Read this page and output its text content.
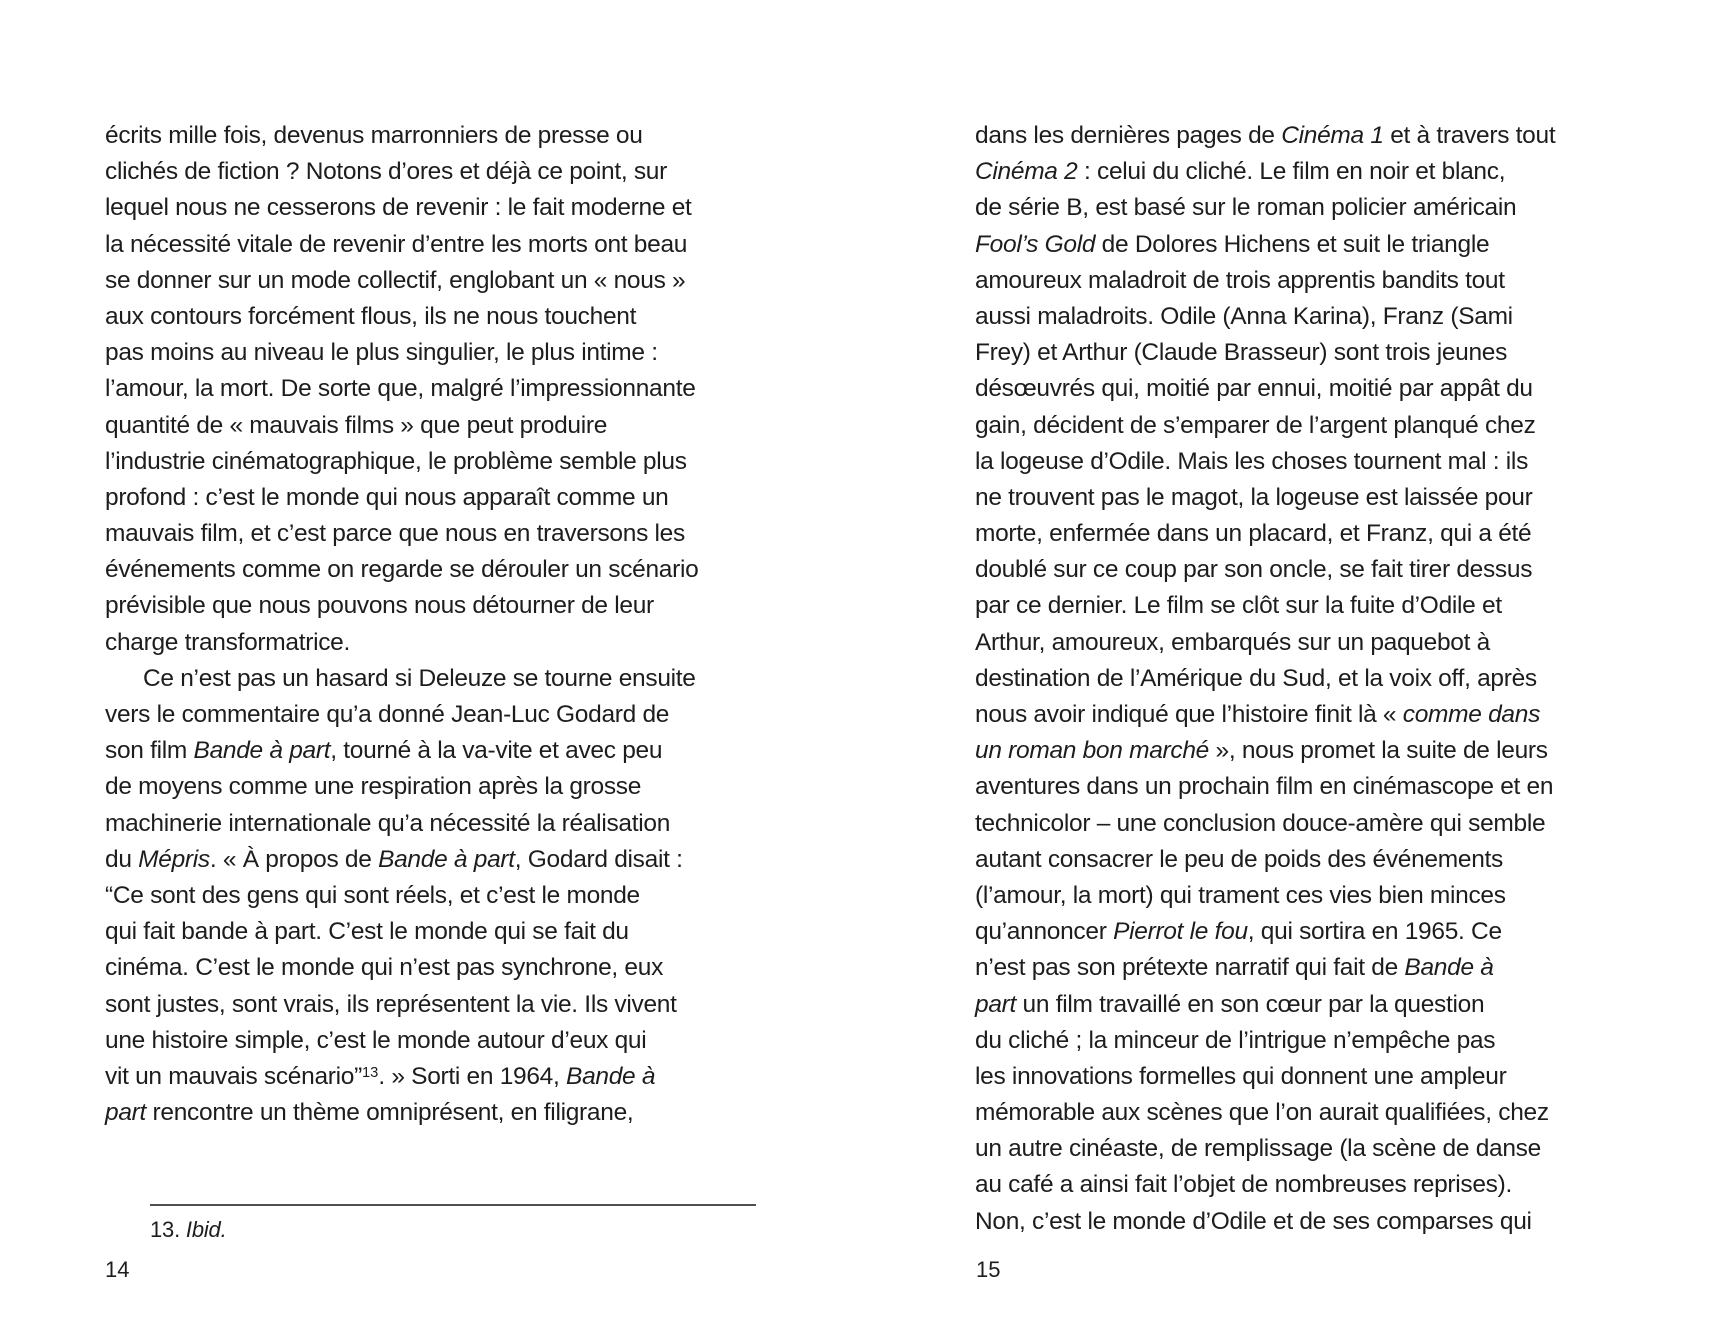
écrits mille fois, devenus marronniers de presse ou
clichés de fiction ? Notons d’ores et déjà ce point, sur
lequel nous ne cesserons de revenir : le fait moderne et
la nécessité vitale de revenir d’entre les morts ont beau
se donner sur un mode collectif, englobant un « nous »
aux contours forcément flous, ils ne nous touchent
pas moins au niveau le plus singulier, le plus intime :
l’amour, la mort. De sorte que, malgré l’impressionnante
quantité de « mauvais films » que peut produire
l’industrie cinématographique, le problème semble plus
profond : c’est le monde qui nous apparaît comme un
mauvais film, et c’est parce que nous en traversons les
événements comme on regarde se dérouler un scénario
prévisible que nous pouvons nous détourner de leur
charge transformatrice.
Ce n’est pas un hasard si Deleuze se tourne ensuite
vers le commentaire qu’a donné Jean-Luc Godard de
son film Bande à part, tourné à la va-vite et avec peu
de moyens comme une respiration après la grosse
machinerie internationale qu’a nécessité la réalisation
du Mépris. « À propos de Bande à part, Godard disait :
“Ce sont des gens qui sont réels, et c’est le monde
qui fait bande à part. C’est le monde qui se fait du
cinéma. C’est le monde qui n’est pas synchrone, eux
sont justes, sont vrais, ils représentent la vie. Ils vivent
une histoire simple, c’est le monde autour d’eux qui
vit un mauvais scénario”$^{13}$. » Sorti en 1964, Bande à
part rencontre un thème omniprésent, en filigrane,
13. Ibid.
dans les dernières pages de Cinéma 1 et à travers tout
Cinéma 2 : celui du cliché. Le film en noir et blanc,
de série B, est basé sur le roman policier américain
Fool’s Gold de Dolores Hichens et suit le triangle
amoureux maladroit de trois apprentis bandits tout
aussi maladroits. Odile (Anna Karina), Franz (Sami
Frey) et Arthur (Claude Brasseur) sont trois jeunes
désœuvrés qui, moitié par ennui, moitié par appât du
gain, décident de s’emparer de l’argent planqué chez
la logeuse d’Odile. Mais les choses tournent mal : ils
ne trouvent pas le magot, la logeuse est laissée pour
morte, enfermée dans un placard, et Franz, qui a été
doublé sur ce coup par son oncle, se fait tirer dessus
par ce dernier. Le film se clôt sur la fuite d’Odile et
Arthur, amoureux, embarqués sur un paquebot à
destination de l’Amérique du Sud, et la voix off, après
nous avoir indiqué que l’histoire finit là « comme dans
un roman bon marché », nous promet la suite de leurs
aventures dans un prochain film en cinémascope et en
technicolor – une conclusion douce-amère qui semble
autant consacrer le peu de poids des événements
(l’amour, la mort) qui trament ces vies bien minces
qu’annoncer Pierrot le fou, qui sortira en 1965. Ce
n’est pas son prétexte narratif qui fait de Bande à
part un film travaillé en son cœur par la question
du cliché ; la minceur de l’intrigue n’empêche pas
les innovations formelles qui donnent une ampleur
mémorable aux scènes que l’on aurait qualifiées, chez
un autre cinéaste, de remplissage (la scène de danse
au café a ainsi fait l’objet de nombreuses reprises).
Non, c’est le monde d’Odile et de ses comparses qui
14	15
